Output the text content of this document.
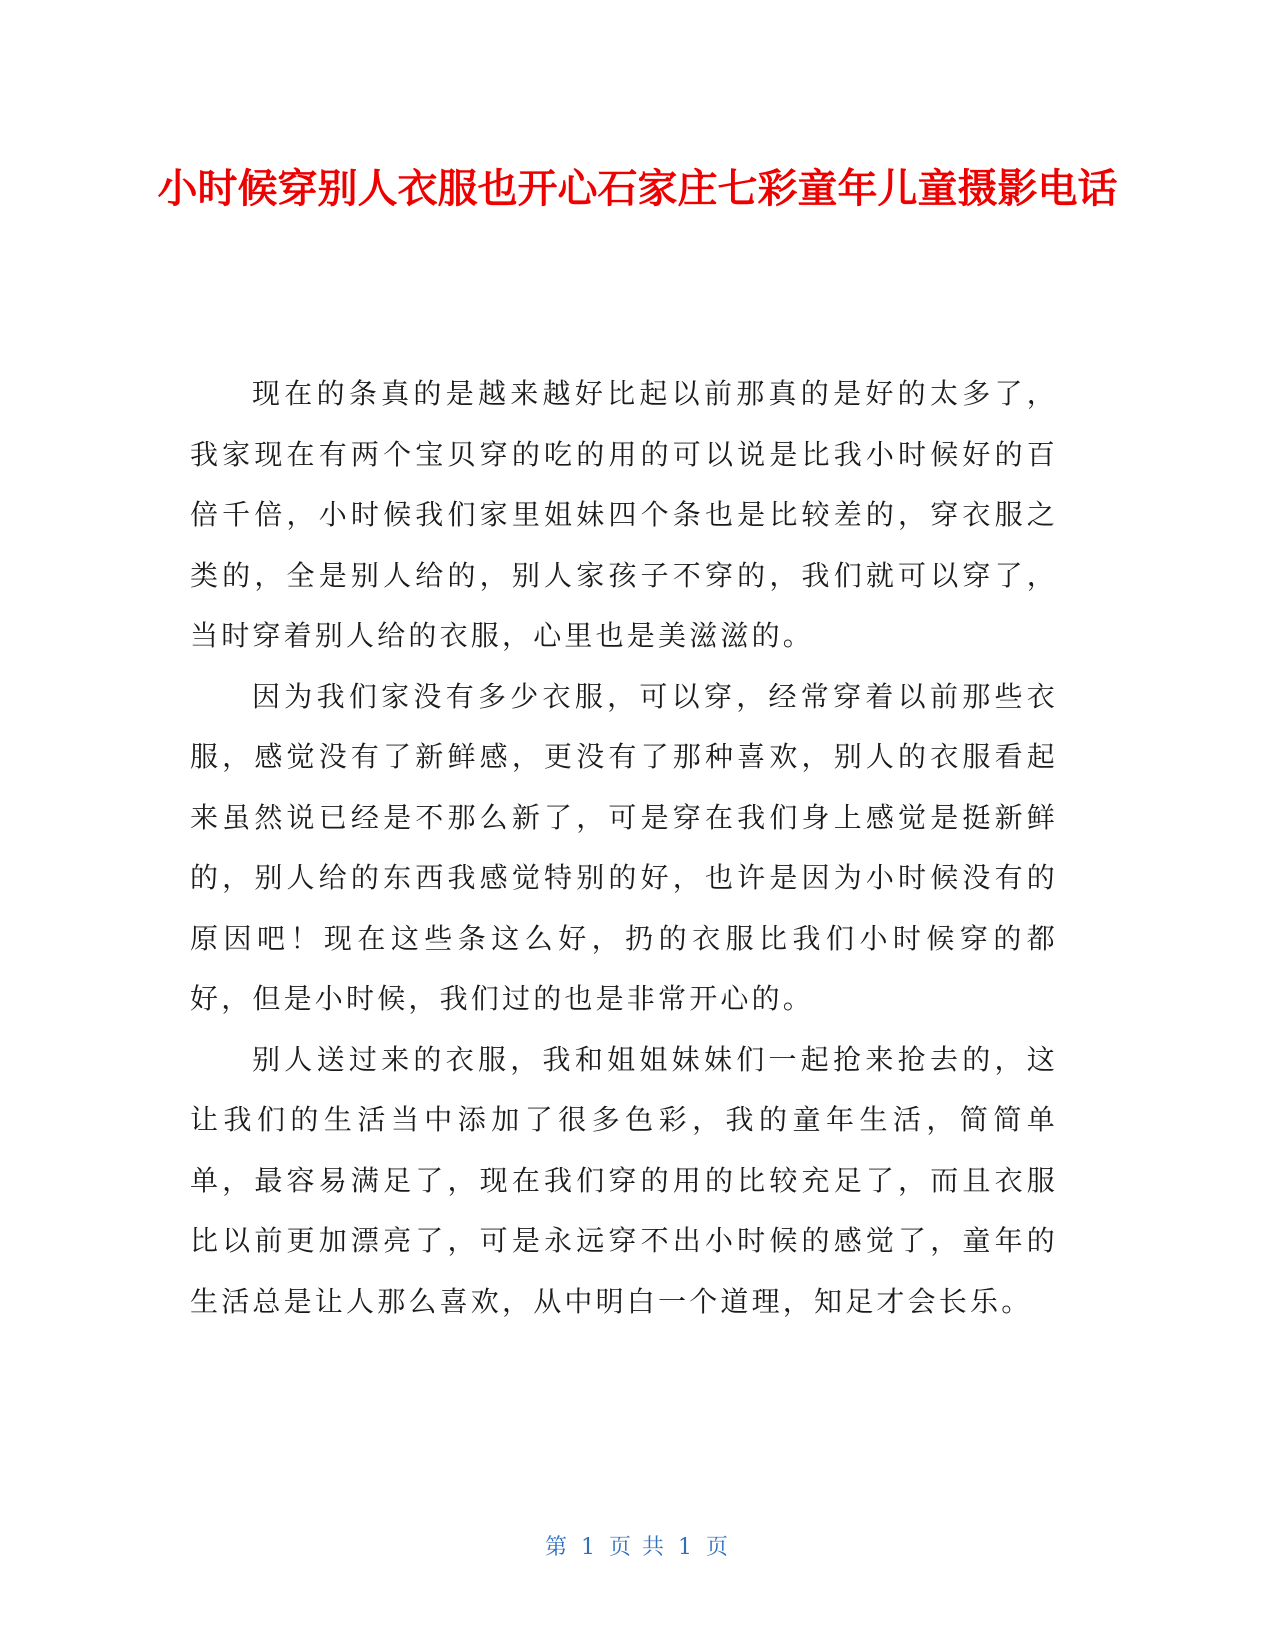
小时候穿别人衣服也开心石家庄七彩童年儿童摄影电话

现在的条真的是越来越好比起以前那真的是好的太多了，我家现在有两个宝贝穿的吃的用的可以说是比我小时候好的百倍千倍，小时候我们家里姐妹四个条也是比较差的，穿衣服之类的，全是别人给的，别人家孩子不穿的，我们就可以穿了，当时穿着别人给的衣服，心里也是美滋滋的。

因为我们家没有多少衣服，可以穿，经常穿着以前那些衣服，感觉没有了新鲜感，更没有了那种喜欢，别人的衣服看起来虽然说已经是不那么新了，可是穿在我们身上感觉是挺新鲜的，别人给的东西我感觉特别的好，也许是因为小时候没有的原因吧！现在这些条这么好，扔的衣服比我们小时候穿的都好，但是小时候，我们过的也是非常开心的。

别人送过来的衣服，我和姐姐妹妹们一起抢来抢去的，这让我们的生活当中添加了很多色彩，我的童年生活，简简单单，最容易满足了，现在我们穿的用的比较充足了，而且衣服比以前更加漂亮了，可是永远穿不出小时候的感觉了，童年的生活总是让人那么喜欢，从中明白一个道理，知足才会长乐。

第 1 页 共 1 页
